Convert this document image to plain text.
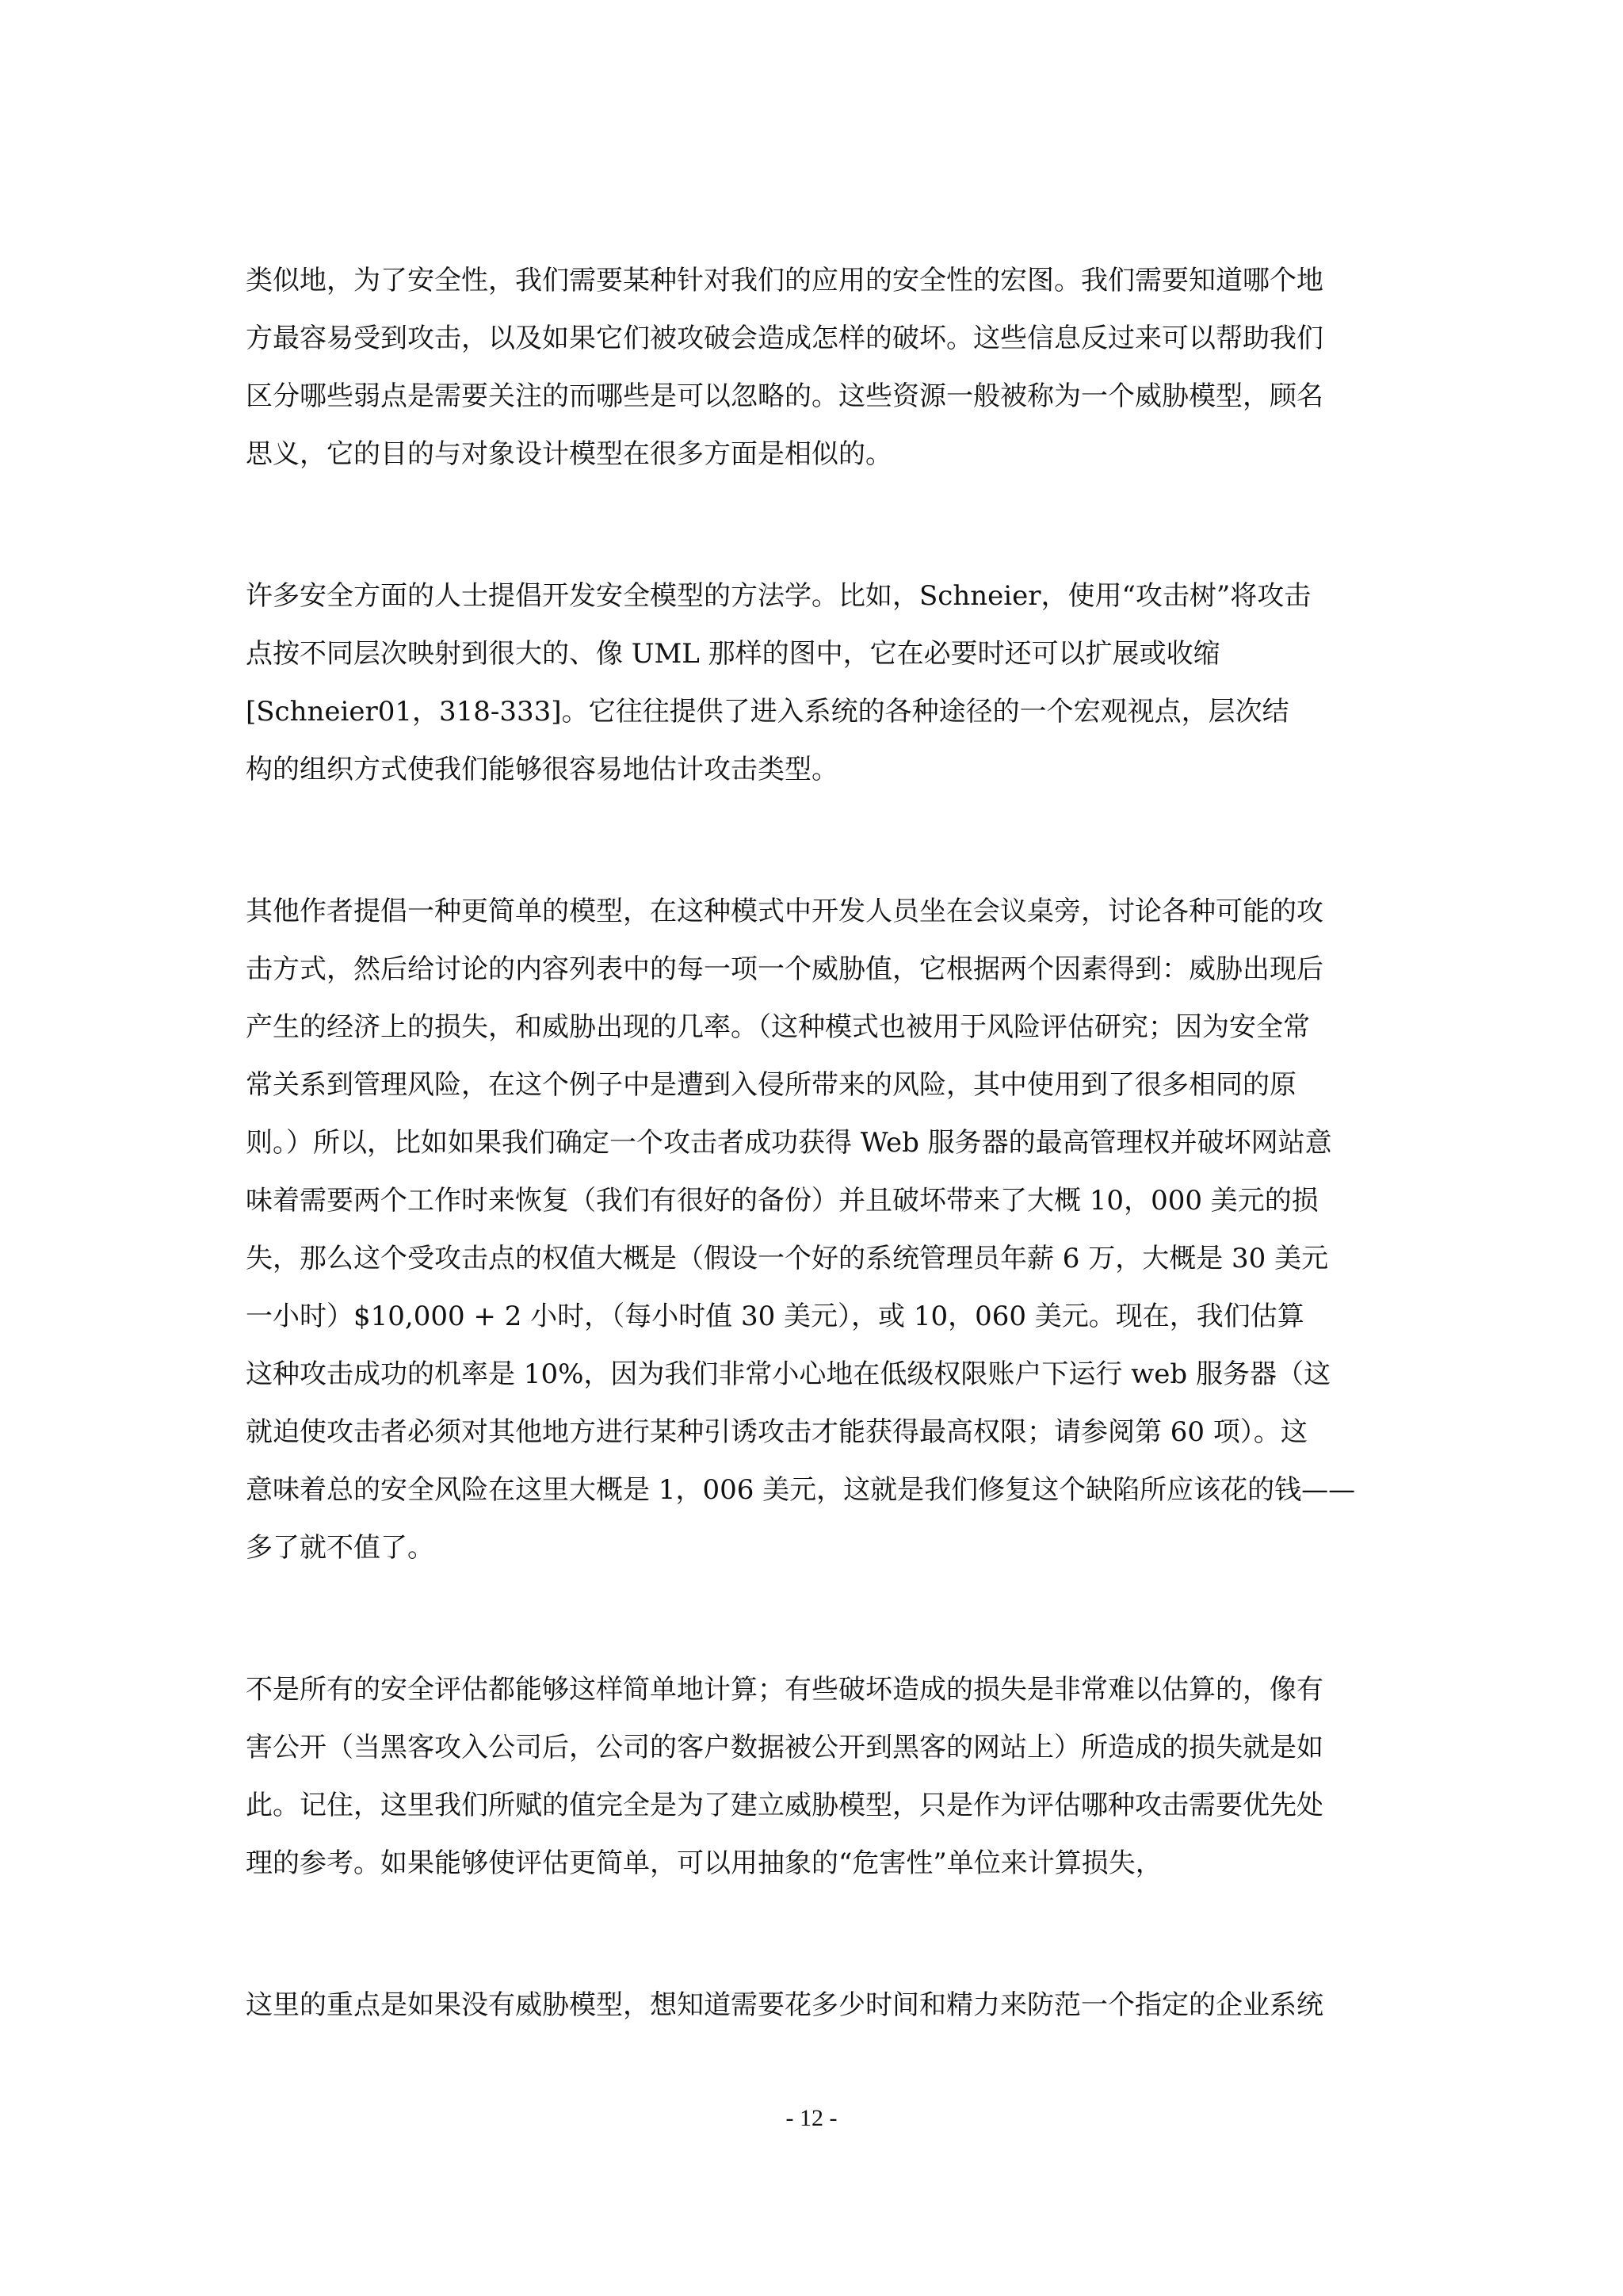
类似地，为了安全性，我们需要某种针对我们的应用的安全性的宏图。我们需要知道哪个地
方最容易受到攻击，以及如果它们被攻破会造成怎样的破坏。这些信息反过来可以帮助我们
区分哪些弱点是需要关注的而哪些是可以忽略的。这些资源一般被称为一个威胁模型，顾名
思义，它的目的与对象设计模型在很多方面是相似的。
许多安全方面的人士提倡开发安全模型的方法学。比如，Schneier，使用“攻击树”将攻击
点按不同层次映射到很大的、像 UML 那样的图中，它在必要时还可以扩展或收缩
[Schneier01，318-333]。它往往提供了进入系统的各种途径的一个宏观视点，层次结
构的组织方式使我们能够很容易地估计攻击类型。
其他作者提倡一种更简单的模型，在这种模式中开发人员坐在会议桌旁，讨论各种可能的攻
击方式，然后给讨论的内容列表中的每一项一个威胁值，它根据两个因素得到：威胁出现后
产生的经济上的损失，和威胁出现的几率。（这种模式也被用于风险评估研究；因为安全常
常关系到管理风险，在这个例子中是遭到入侵所带来的风险，其中使用到了很多相同的原
则。）所以，比如如果我们确定一个攻击者成功获得 Web 服务器的最高管理权并破坏网站意
味着需要两个工作时来恢复（我们有很好的备份）并且破坏带来了大概 10，000 美元的损
失，那么这个受攻击点的权值大概是（假设一个好的系统管理员年薪 6 万，大概是 30 美元
一小时）$10,000 + 2 小时，（每小时值 30 美元），或 10，060 美元。现在，我们估算
这种攻击成功的机率是 10%，因为我们非常小心地在低级权限账户下运行 web 服务器（这
就迫使攻击者必须对其他地方进行某种引诱攻击才能获得最高权限；请参阅第 60 项）。这
意味着总的安全风险在这里大概是 1，006 美元，这就是我们修复这个缺陷所应该花的钱——
多了就不值了。
不是所有的安全评估都能够这样简单地计算；有些破坏造成的损失是非常难以估算的，像有
害公开（当黑客攻入公司后，公司的客户数据被公开到黑客的网站上）所造成的损失就是如
此。记住，这里我们所赋的值完全是为了建立威胁模型，只是作为评估哪种攻击需要优先处
理的参考。如果能够使评估更简单，可以用抽象的“危害性”单位来计算损失，
这里的重点是如果没有威胁模型，想知道需要花多少时间和精力来防范一个指定的企业系统
- 12 -
